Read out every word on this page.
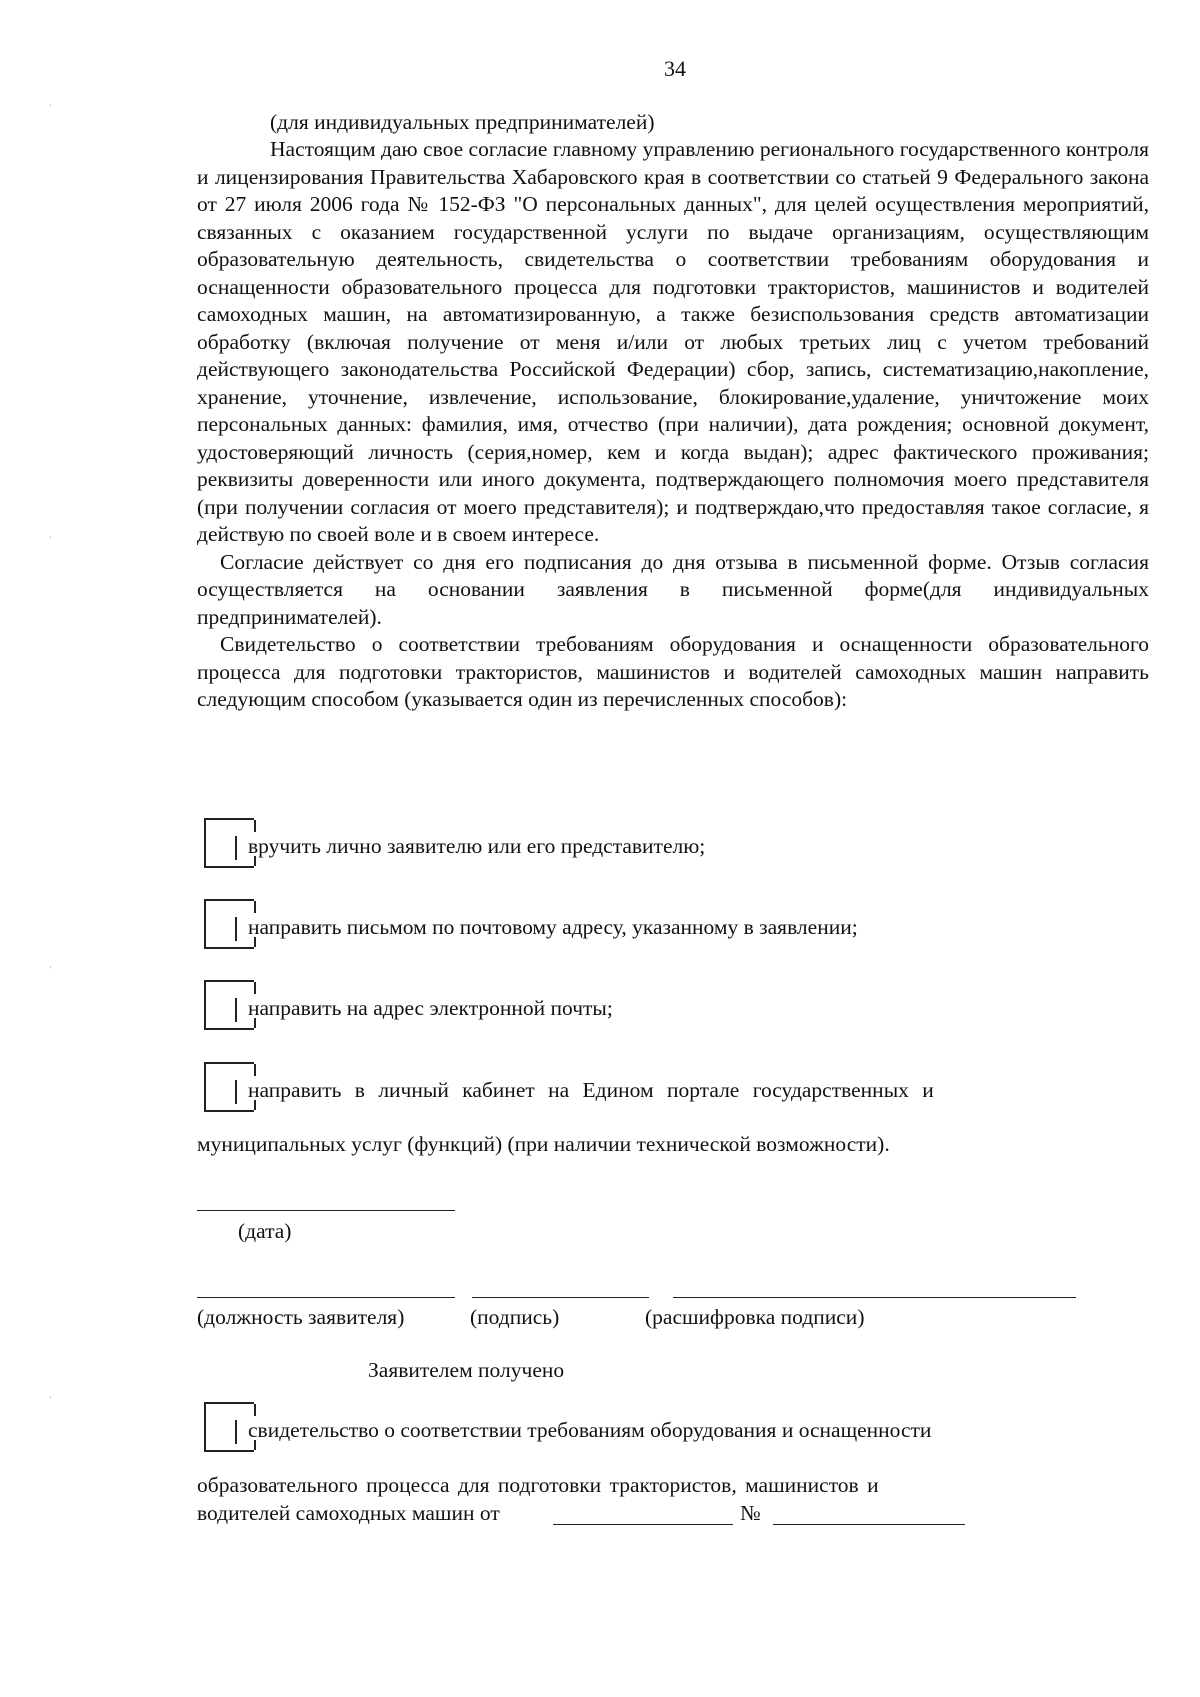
34
(для индивидуальных предпринимателей)

Настоящим даю свое согласие главному управлению регионального государственного контроля и лицензирования Правительства Хабаровского края в соответствии со статьей 9 Федерального закона от 27 июля 2006 года № 152-ФЗ "О персональных данных", для целей осуществления мероприятий, связанных с оказанием государственной услуги по выдаче организациям, осуществляющим образовательную деятельность, свидетельства о соответствии требованиям оборудования и оснащенности образовательного процесса для подготовки трактористов, машинистов и водителей самоходных машин, на автоматизированную, а также безиспользования средств автоматизации обработку (включая получение от меня и/или от любых третьих лиц с учетом требований действующего законодательства Российской Федерации) сбор, запись, систематизацию,накопление, хранение, уточнение, извлечение, использование, блокирование,удаление, уничтожение моих персональных данных: фамилия, имя, отчество (при наличии), дата рождения; основной документ, удостоверяющий личность (серия,номер, кем и когда выдан); адрес фактического проживания; реквизиты доверенности или иного документа, подтверждающего полномочия моего представителя (при получении согласия от моего представителя); и подтверждаю,что предоставляя такое согласие, я действую по своей воле и в своем интересе.

Согласие действует со дня его подписания до дня отзыва в письменной форме. Отзыв согласия осуществляется на основании заявления в письменной форме(для индивидуальных предпринимателей).

Свидетельство о соответствии требованиям оборудования и оснащенности образовательного процесса для подготовки трактористов, машинистов и водителей самоходных машин направить следующим способом (указывается один из перечисленных способов):

вручить лично заявителю или его представителю;
направить письмом по почтовому адресу, указанному в заявлении;
направить на адрес электронной почты;
направить в личный кабинет на Едином портале государственных и
муниципальных услуг (функций) (при наличии технической возможности).
(дата)
(должность заявителя)	(подпись)	(расшифровка подписи)
Заявителем получено
свидетельство о соответствии требованиям оборудования и оснащенности
образовательного процесса для подготовки трактористов, машинистов и
водителей самоходных машин от	№
'
'
'
'
